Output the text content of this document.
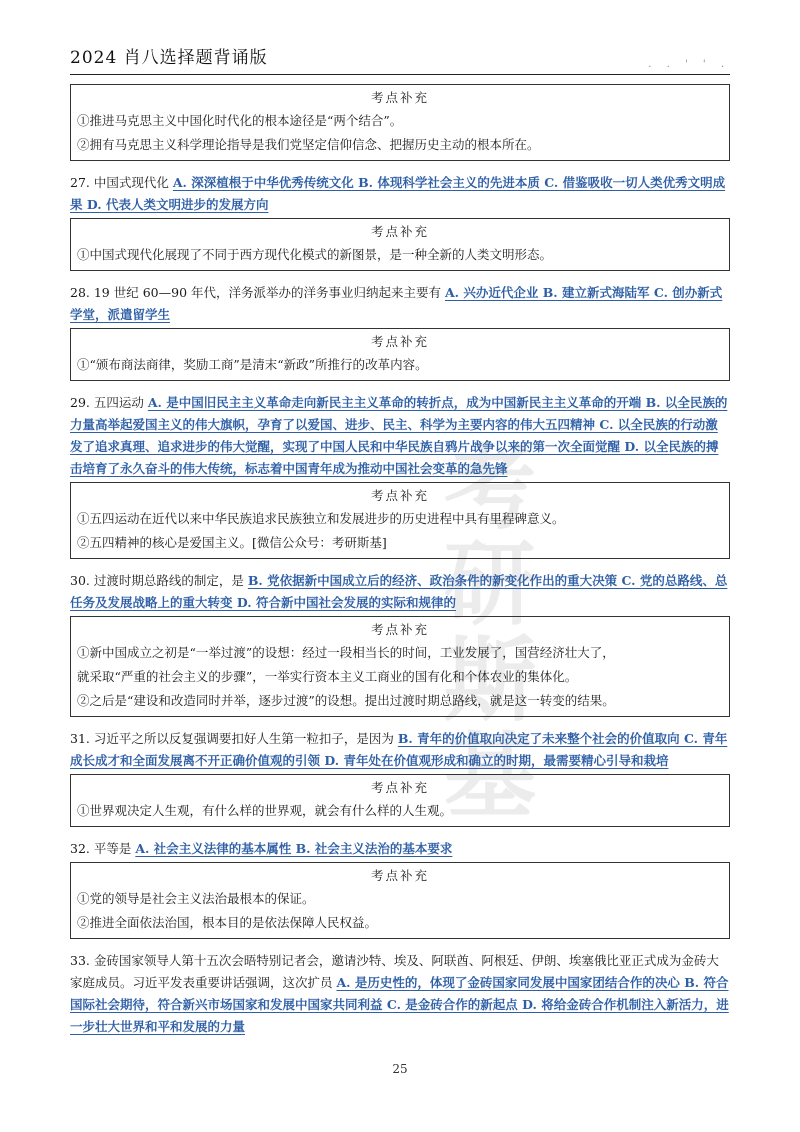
2024 肖八选择题背诵版	. . ' ' .
考研斯基
考点补充
①推进马克思主义中国化时代化的根本途径是“两个结合”。
②拥有马克思主义科学理论指导是我们党坚定信仰信念、把握历史主动的根本所在。
27. 中国式现代化 A. 深深植根于中华优秀传统文化 B. 体现科学社会主义的先进本质 C. 借鉴吸收一切人类优秀文明成果 D. 代表人类文明进步的发展方向
考点补充
①中国式现代化展现了不同于西方现代化模式的新图景，是一种全新的人类文明形态。
28. 19 世纪 60—90 年代，洋务派举办的洋务事业归纳起来主要有 A. 兴办近代企业 B. 建立新式海陆军 C. 创办新式学堂，派遣留学生
考点补充
①“颁布商法商律，奖励工商”是清末“新政”所推行的改革内容。
29. 五四运动 A. 是中国旧民主主义革命走向新民主主义革命的转折点，成为中国新民主主义革命的开端 B. 以全民族的力量高举起爱国主义的伟大旗帜，孕育了以爱国、进步、民主、科学为主要内容的伟大五四精神 C. 以全民族的行动激发了追求真理、追求进步的伟大觉醒，实现了中国人民和中华民族自鸦片战争以来的第一次全面觉醒 D. 以全民族的搏击培育了永久奋斗的伟大传统，标志着中国青年成为推动中国社会变革的急先锋
考点补充
①五四运动在近代以来中华民族追求民族独立和发展进步的历史进程中具有里程碑意义。
②五四精神的核心是爱国主义。[微信公众号：考研斯基]
30. 过渡时期总路线的制定，是 B. 党依据新中国成立后的经济、政治条件的新变化作出的重大决策 C. 党的总路线、总任务及发展战略上的重大转变 D. 符合新中国社会发展的实际和规律的
考点补充
①新中国成立之初是“一举过渡”的设想：经过一段相当长的时间，工业发展了，国营经济壮大了，
就采取“严重的社会主义的步骤”，一举实行资本主义工商业的国有化和个体农业的集体化。
②之后是“建设和改造同时并举，逐步过渡”的设想。提出过渡时期总路线，就是这一转变的结果。
31. 习近平之所以反复强调要扣好人生第一粒扣子，是因为 B. 青年的价值取向决定了未来整个社会的价值取向 C. 青年成长成才和全面发展离不开正确价值观的引领 D. 青年处在价值观形成和确立的时期，最需要精心引导和栽培
考点补充
①世界观决定人生观，有什么样的世界观，就会有什么样的人生观。
32. 平等是 A. 社会主义法律的基本属性 B. 社会主义法治的基本要求
考点补充
①党的领导是社会主义法治最根本的保证。
②推进全面依法治国，根本目的是依法保障人民权益。
33. 金砖国家领导人第十五次会晤特别记者会，邀请沙特、埃及、阿联酋、阿根廷、伊朗、埃塞俄比亚正式成为金砖大家庭成员。习近平发表重要讲话强调，这次扩员 A. 是历史性的，体现了金砖国家同发展中国家团结合作的决心 B. 符合国际社会期待，符合新兴市场国家和发展中国家共同利益 C. 是金砖合作的新起点 D. 将给金砖合作机制注入新活力，进一步壮大世界和平和发展的力量
25
